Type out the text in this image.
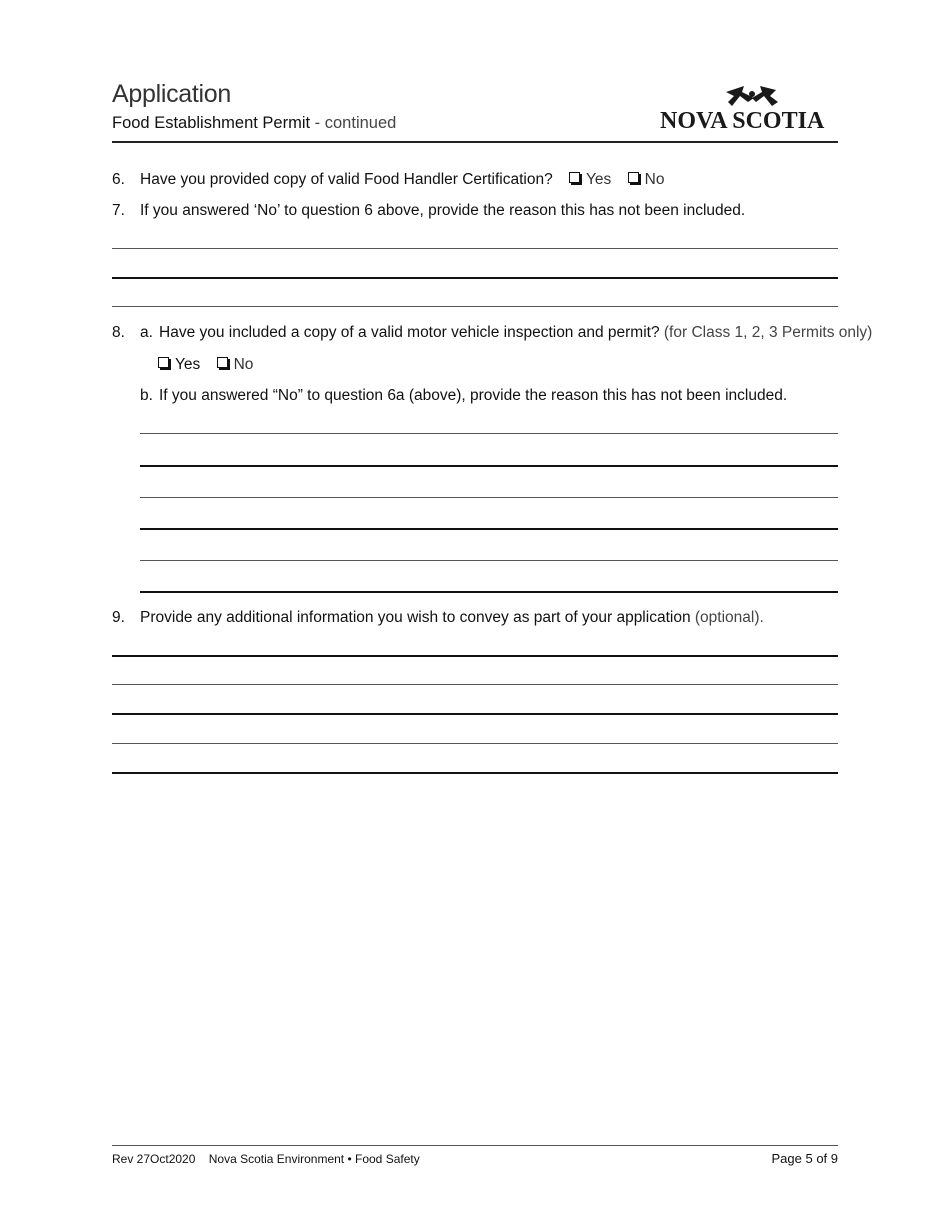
Application
Food Establishment Permit - continued	NOVA SCOTIA
6. Have you provided copy of valid Food Handler Certification? Yes No
7. If you answered ‘No’ to question 6 above, provide the reason this has not been included.
8. a. Have you included a copy of a valid motor vehicle inspection and permit? (for Class 1, 2, 3 Permits only)
Yes No
b. If you answered “No” to question 6a (above), provide the reason this has not been included.
9. Provide any additional information you wish to convey as part of your application (optional).
Rev 27Oct2020 Nova Scotia Environment • Food Safety	Page 5 of 9
